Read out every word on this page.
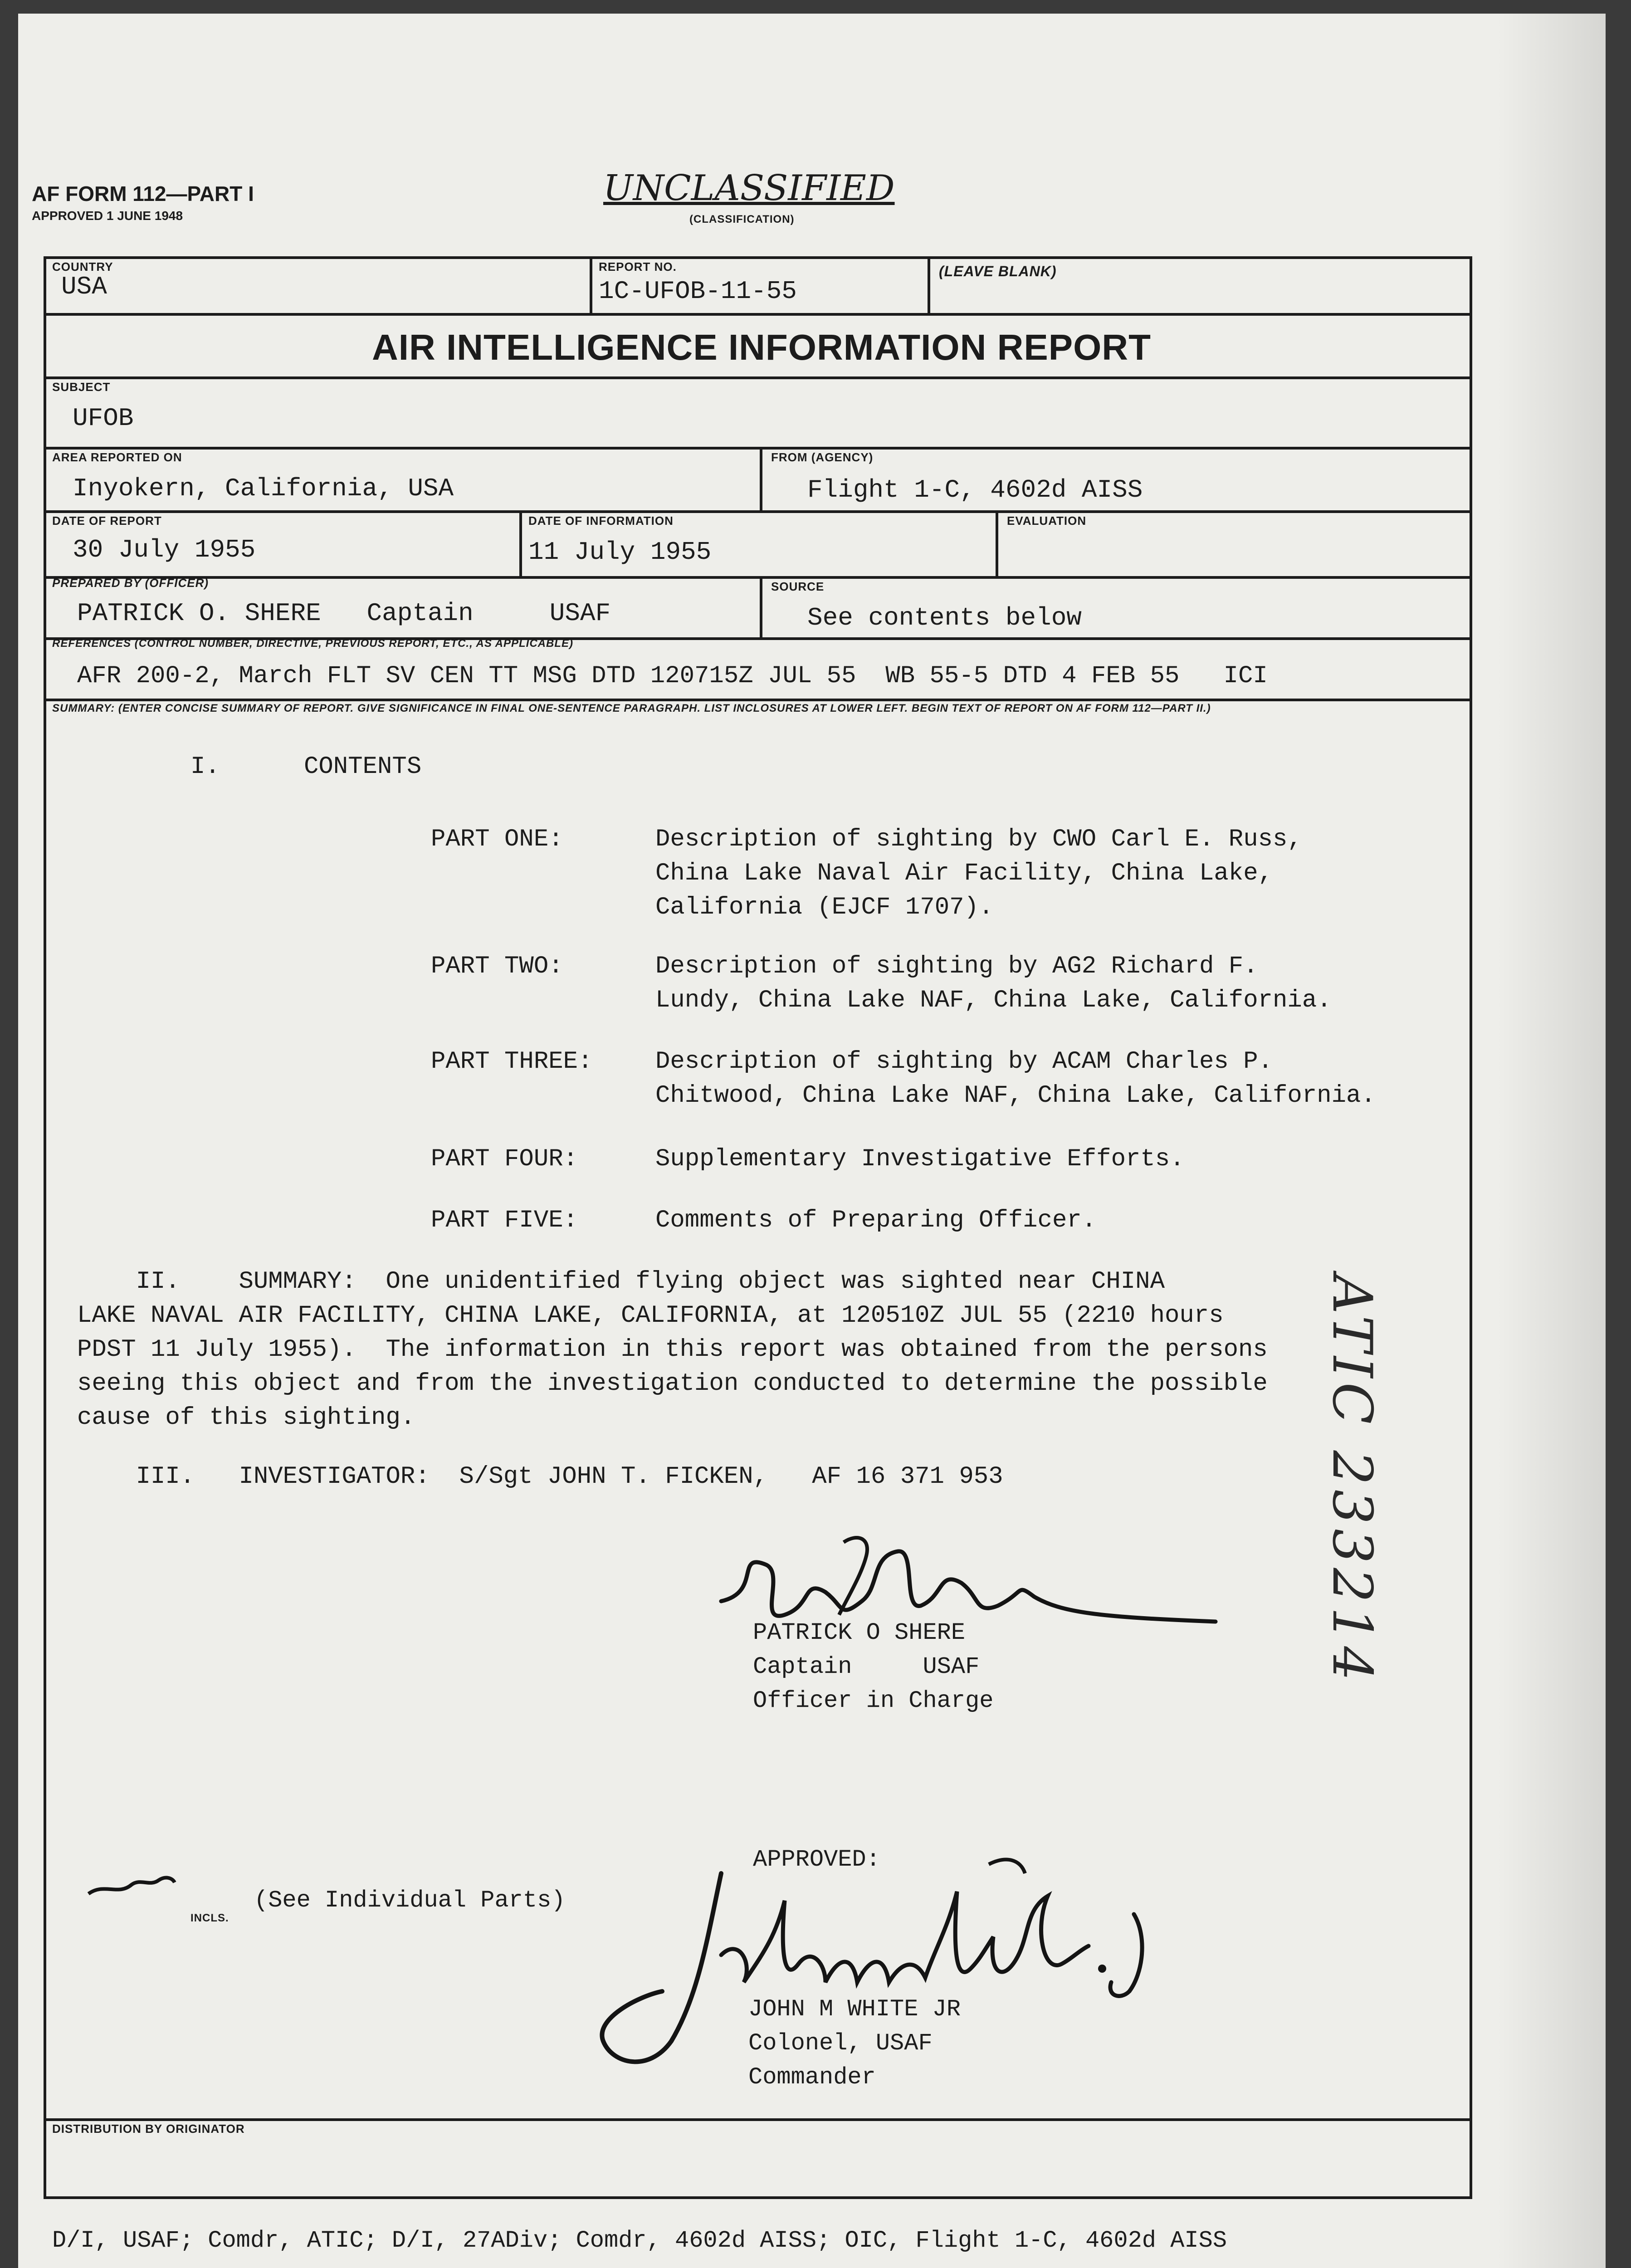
AF FORM 112—PART I
APPROVED 1 JUNE 1948
UNCLASSIFIED
(CLASSIFICATION)
COUNTRY
USA
REPORT NO.
1C-UFOB-11-55
(LEAVE BLANK)
AIR INTELLIGENCE INFORMATION REPORT
SUBJECT
UFOB
AREA REPORTED ON
Inyokern, California, USA
FROM (AGENCY)
Flight 1-C, 4602d AISS
DATE OF REPORT
30 July 1955
DATE OF INFORMATION
11 July 1955
EVALUATION
PREPARED BY (OFFICER)
PATRICK O. SHERE   Captain     USAF
SOURCE
See contents below
REFERENCES (CONTROL NUMBER, DIRECTIVE, PREVIOUS REPORT, ETC., AS APPLICABLE)
AFR 200-2, March FLT SV CEN TT MSG DTD 120715Z JUL 55  WB 55-5 DTD 4 FEB 55   ICI
SUMMARY: (ENTER CONCISE SUMMARY OF REPORT. GIVE SIGNIFICANCE IN FINAL ONE-SENTENCE PARAGRAPH. LIST INCLOSURES AT LOWER LEFT. BEGIN TEXT OF REPORT ON AF FORM 112—PART II.)
I.	CONTENTS
PART ONE:	Description of sighting by CWO Carl E. Russ,
China Lake Naval Air Facility, China Lake,
California (EJCF 1707).
PART TWO:	Description of sighting by AG2 Richard F.
Lundy, China Lake NAF, China Lake, California.
PART THREE:	Description of sighting by ACAM Charles P.
Chitwood, China Lake NAF, China Lake, California.
PART FOUR:	Supplementary Investigative Efforts.
PART FIVE:	Comments of Preparing Officer.
II.    SUMMARY:  One unidentified flying object was sighted near CHINA
LAKE NAVAL AIR FACILITY, CHINA LAKE, CALIFORNIA, at 120510Z JUL 55 (2210 hours
PDST 11 July 1955).  The information in this report was obtained from the persons
seeing this object and from the investigation conducted to determine the possible
cause of this sighting.
III.   INVESTIGATOR:  S/Sgt JOHN T. FICKEN,   AF 16 371 953
PATRICK O SHERE
Captain     USAF
Officer in Charge
ATIC 233214
APPROVED:
JOHN M WHITE JR
Colonel, USAF
Commander
INCLS.
(See Individual Parts)
DISTRIBUTION BY ORIGINATOR
D/I, USAF; Comdr, ATIC; D/I, 27ADiv; Comdr, 4602d AISS; OIC, Flight 1-C, 4602d AISS
